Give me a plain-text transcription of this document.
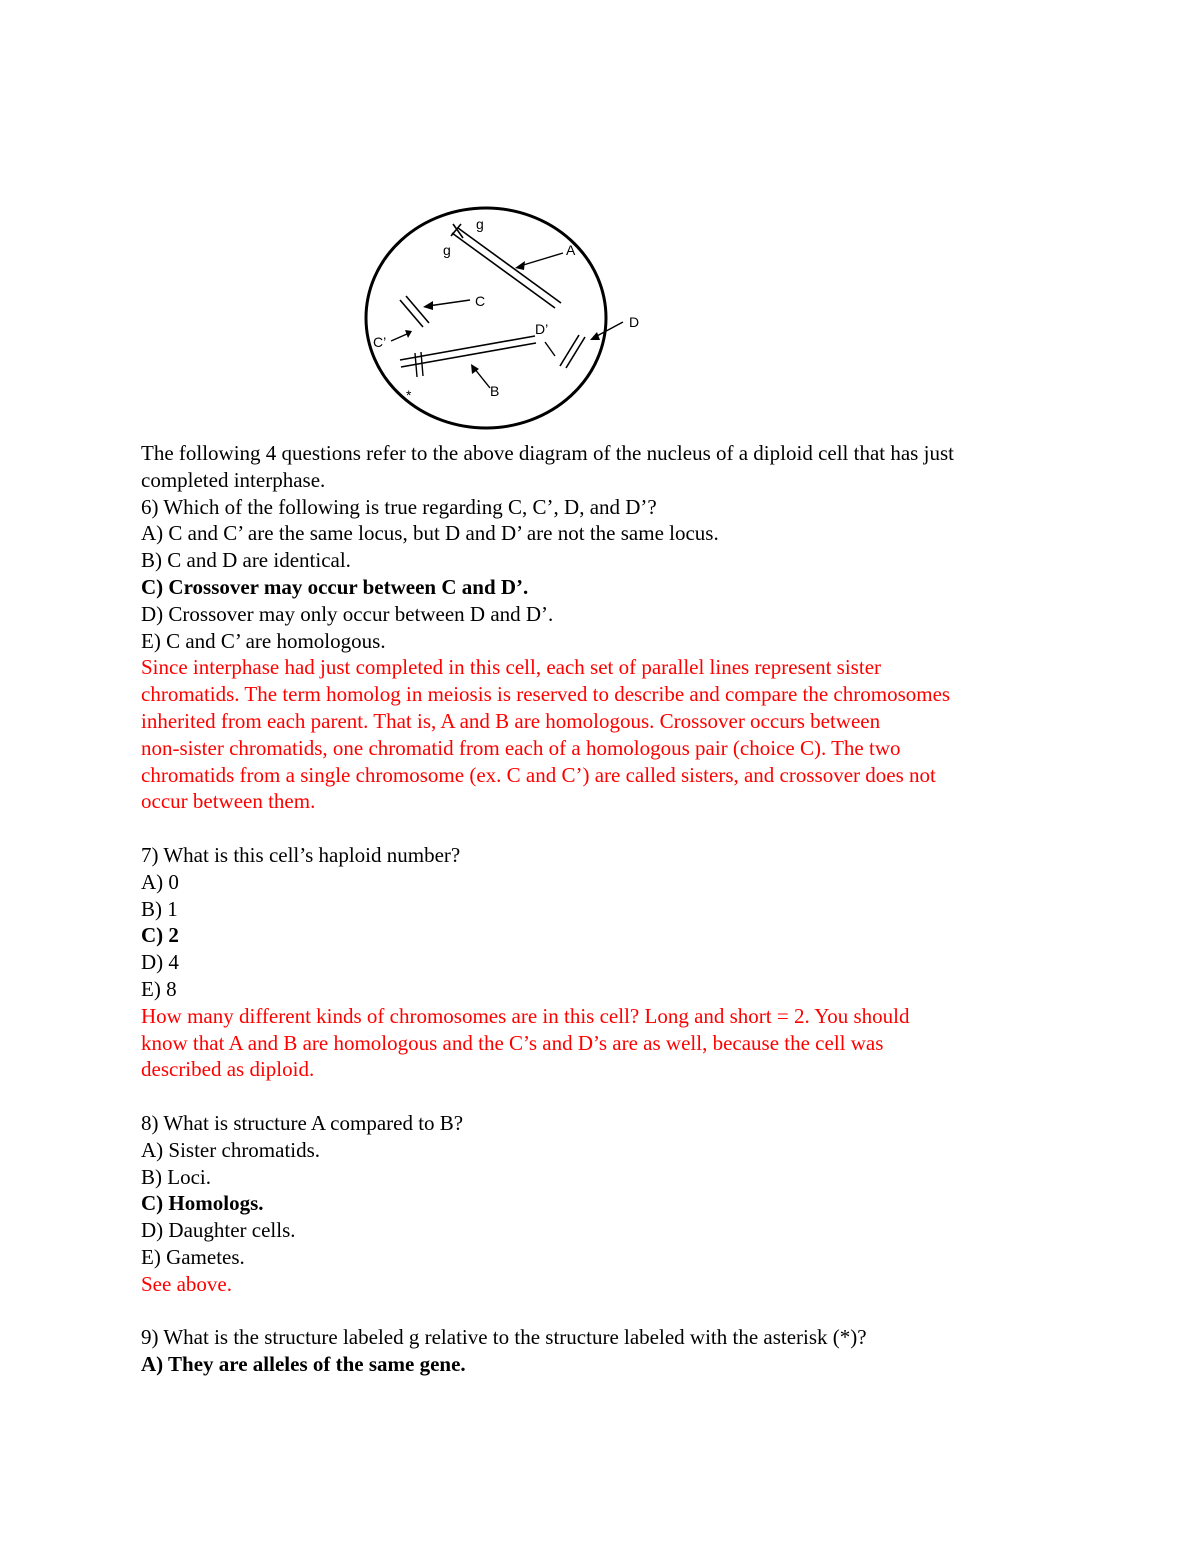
g
g	A
C
C’
D’	D
*	B
The following 4 questions refer to the above diagram of the nucleus of a diploid cell that has just
completed interphase.
6) Which of the following is true regarding C, C’, D, and D’?
A) C and C’ are the same locus, but D and D’ are not the same locus.
B) C and D are identical.
C) Crossover may occur between C and D’.
D) Crossover may only occur between D and D’.
E) C and C’ are homologous.
Since interphase had just completed in this cell, each set of parallel lines represent sister
chromatids. The term homolog in meiosis is reserved to describe and compare the chromosomes
inherited from each parent. That is, A and B are homologous. Crossover occurs between
non-sister chromatids, one chromatid from each of a homologous pair (choice C). The two
chromatids from a single chromosome (ex. C and C’) are called sisters, and crossover does not
occur between them.
7) What is this cell’s haploid number?
A) 0
B) 1
C) 2
D) 4
E) 8
How many different kinds of chromosomes are in this cell? Long and short = 2. You should
know that A and B are homologous and the C’s and D’s are as well, because the cell was
described as diploid.
8) What is structure A compared to B?
A) Sister chromatids.
B) Loci.
C) Homologs.
D) Daughter cells.
E) Gametes.
See above.
9) What is the structure labeled g relative to the structure labeled with the asterisk (*)?
A) They are alleles of the same gene.
